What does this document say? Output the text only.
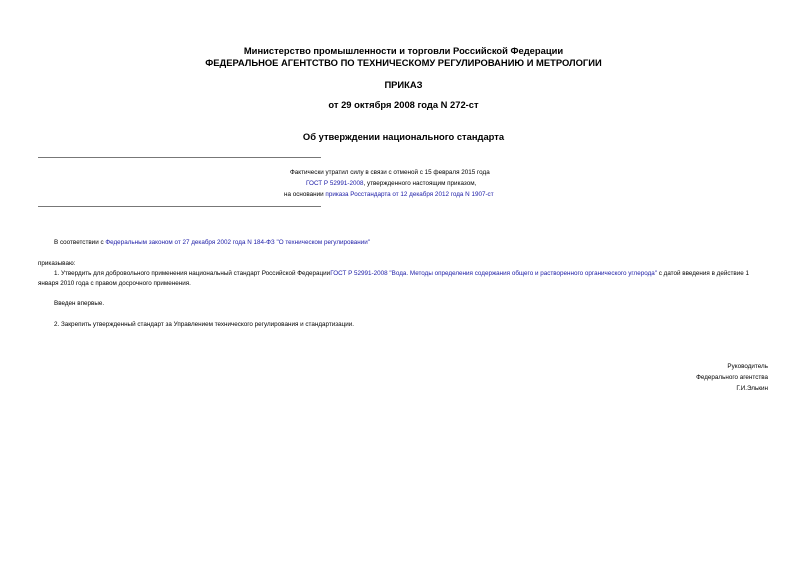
Министерство промышленности и торговли Российской Федерации
ФЕДЕРАЛЬНОЕ АГЕНТСТВО ПО ТЕХНИЧЕСКОМУ РЕГУЛИРОВАНИЮ И МЕТРОЛОГИИ
ПРИКАЗ
от 29 октября 2008 года N 272-ст
Об утверждении национального стандарта
Фактически утратил силу в связи с отменой с 15 февраля 2015 года
ГОСТ Р 52991-2008, утвержденного настоящим приказом,
на основании приказа Росстандарта от 12 декабря 2012 года N 1907-ст
В соответствии с Федеральным законом от 27 декабря 2002 года N 184-ФЗ "О техническом регулировании"
приказываю:
1. Утвердить для добровольного применения национальный стандарт Российской ФедерацииГОСТ Р 52991-2008 "Вода. Методы определения содержания общего и растворенного органического углерода" с датой введения в действие 1 января 2010 года с правом досрочного применения.
Введен впервые.
2. Закрепить утвержденный стандарт за Управлением технического регулирования и стандартизации.
Руководитель
Федерального агентства
Г.И.Элькин
